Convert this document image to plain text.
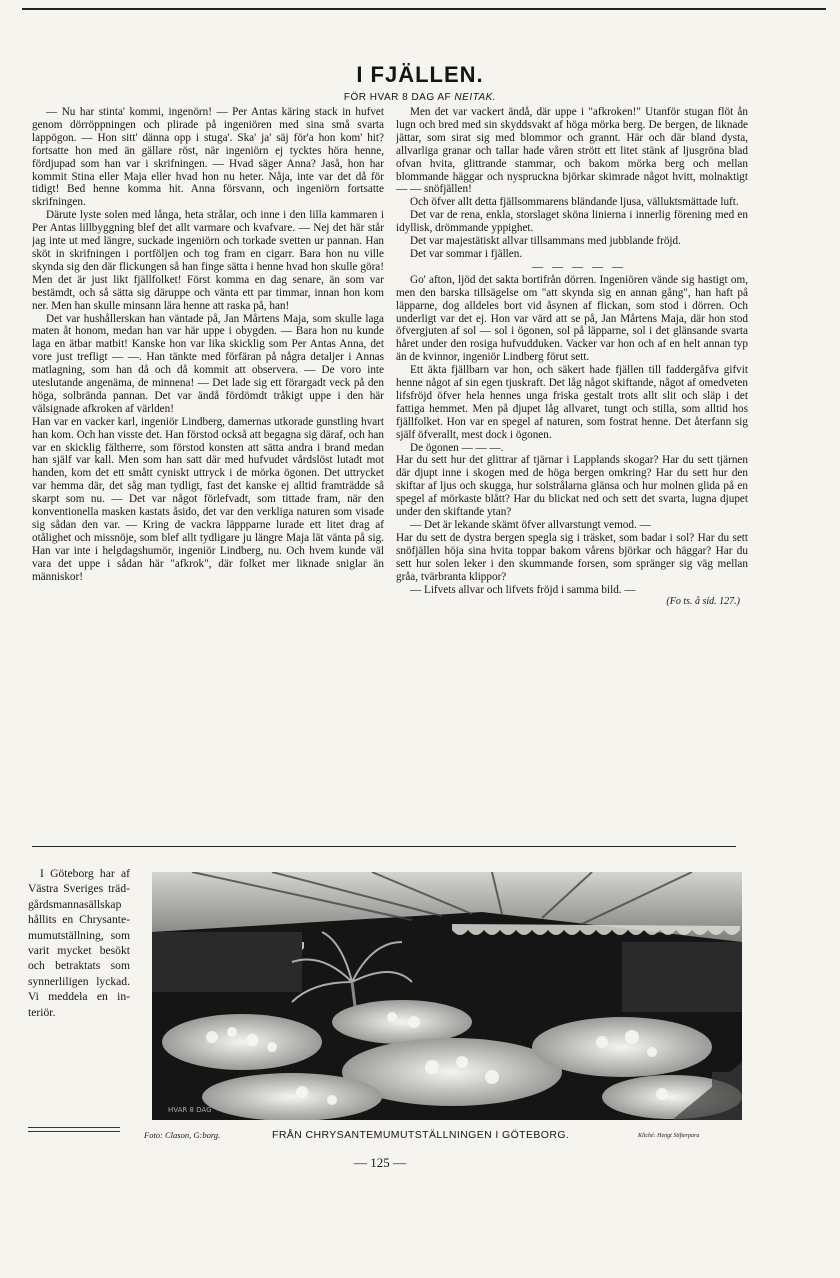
I FJÄLLEN.
FÖR HVAR 8 DAG AF NEITAK.

— Nu har stinta' kommi, ingenörn! — Per Antas käring stack in hufvet genom dörröppningen och plirade på ingeniören med sina små svarta lappögon. — Hon sitt' dänna opp i stuga'. Ska' ja' säj för'a hon kom' hit? fortsatte hon med än gällare röst, när ingeniörn ej tycktes höra henne, fördjupad som han var i skrifningen. — Hvad säger Anna? Jaså, hon har kommit Stina eller Maja eller hvad hon nu heter. Nåja, inte var det då för tidigt! Bed henne komma hit. Anna försvann, och ingeniörn fortsatte skrifningen.

Därute lyste solen med långa, heta strålar, och inne i den lilla kammaren i Per Antas lillbyggning blef det allt varmare och kvafvare. — Nej det här står jag inte ut med längre, suckade ingeniörn och torkade svetten ur pannan. Han sköt in skrifningen i portföljen och tog fram en cigarr. Bara hon nu ville skynda sig den där flickungen så han finge sätta i henne hvad hon skulle göra! Men det är just likt fjällfolket! Först komma en dag senare, än som var bestämdt, och så sätta sig däruppe och vänta ett par timmar, innan hon kom ner. Men han skulle minsann lära henne att raska på, han!

Det var hushållerskan han väntade på, Jan Mårtens Maja, som skulle laga maten åt honom, medan han var här uppe i obygden. — Bara hon nu kunde laga en ätbar matbit! Kanske hon var lika skicklig som Per Antas Anna, det vore just trefligt — —. Han tänkte med förfäran på några detaljer i Annas matlagning, som han då och då kommit att observera. — De voro inte uteslutande angenäma, de minnena! — Det lade sig ett förargadt veck på den höga, solbrända pannan. Det var ändå fördömdt tråkigt uppe i den här välsignade afkroken af världen!

Han var en vacker karl, ingeniör Lindberg, damernas utkorade gunstling hvart han kom. Och han visste det. Han förstod också att begagna sig däraf, och han var en skicklig fältherre, som förstod konsten att sätta andra i brand medan han själf var kall. Men som han satt där med hufvudet vårdslöst lutadt mot handen, kom det ett smått cyniskt uttryck i de mörka ögonen. Det uttrycket var hemma där, det såg man tydligt, fast det kanske ej alltid framträdde så skarpt som nu. — Det var något förlefvadt, som tittade fram, när den konventionella masken kastats åsido, det var den verkliga naturen som visade sig sådan den var. — Kring de vackra läppparne lurade ett litet drag af otålighet och missnöje, som blef allt tydligare ju längre Maja lät vänta på sig. Han var inte i helgdagshumör, ingeniör Lindberg, nu. Och hvem kunde väl vara det uppe i sådan här "afkrok", där folket mer liknade sniglar än människor!

Men det var vackert ändå, där uppe i "afkroken!" Utanför stugan flöt ån lugn och bred med sin skyddsvakt af höga mörka berg. De bergen, de liknade jättar, som sirat sig med blommor och grannt. Här och där bland dysta, allvarliga granar och tallar hade våren strött ett litet stänk af ljusgröna blad ofvan hvita, glittrande stammar, och bakom mörka berg och mellan blommande häggar och nyspruckna björkar skimrade något hvitt, molnaktigt — — snöfjällen!

Och öfver allt detta fjällsommarens bländande ljusa, välluktsmättade luft.

Det var de rena, enkla, storslaget sköna linierna i innerlig förening med en idyllisk, drömmande yppighet.

Det var majestätiskt allvar tillsammans med jubblande fröjd.

Det var sommar i fjällen.

— — — — —

Go' afton, ljöd det sakta bortifrån dörren. Ingeniören vände sig hastigt om, men den barska tillsägelse om "att skynda sig en annan gång", han haft på läpparne, dog alldeles bort vid åsynen af flickan, som stod i dörren. Och underligt var det ej. Hon var värd att se på, Jan Mårtens Maja, där hon stod öfvergjuten af sol — sol i ögonen, sol på läpparne, sol i det glänsande svarta håret under den rosiga hufvudduken. Vacker var hon och af en helt annan typ än de kvinnor, ingeniör Lindberg förut sett.

Ett äkta fjällbarn var hon, och säkert hade fjällen till faddergåfva gifvit henne något af sin egen tjuskraft. Det låg något skiftande, något af omedveten lifsfröjd öfver hela hennes unga friska gestalt trots allt slit och släp i det fattiga hemmet. Men på djupet låg allvaret, tungt och stilla, som alltid hos fjällfolket. Hon var en spegel af naturen, som fostrat henne. Det återfann sig själf öfverallt, mest dock i ögonen.

De ögonen — — —.

Har du sett hur det glittrar af tjärnar i Lapplands skogar? Har du sett tjärnen där djupt inne i skogen med de höga bergen omkring? Har du sett hur den skiftar af ljus och skugga, hur solstrålarna glänsa och hur molnen glida på en spegel af mörkaste blått? Har du blickat ned och sett det svarta, lugna djupet under den skiftande ytan?

— Det är lekande skämt öfver allvarstungt vemod. —

Har du sett de dystra bergen spegla sig i träsket, som badar i sol? Har du sett snöfjällen höja sina hvita toppar bakom vårens björkar och häggar? Har du sett hur solen leker i den skummande forsen, som spränger sig väg mellan gråa, tvärbranta klippor?

— Lifvets allvar och lifvets fröjd i samma bild. —

(Fo ts. å sid. 127.)

I Göteborg har af Västra Sveriges trädgårdsmannasällskap hållits en Chrysantemumutställning, som varit mycket besökt och betraktats som synnerliligen lyckad. Vi meddela en interiör.
HVAR 8 DAG
Foto: Clason, G:borg.	FRÅN CHRYSANTEMUMUTSTÄLLNINGEN I GÖTEBORG.	Kliché: Hengt Stifterpara
— 125 —
